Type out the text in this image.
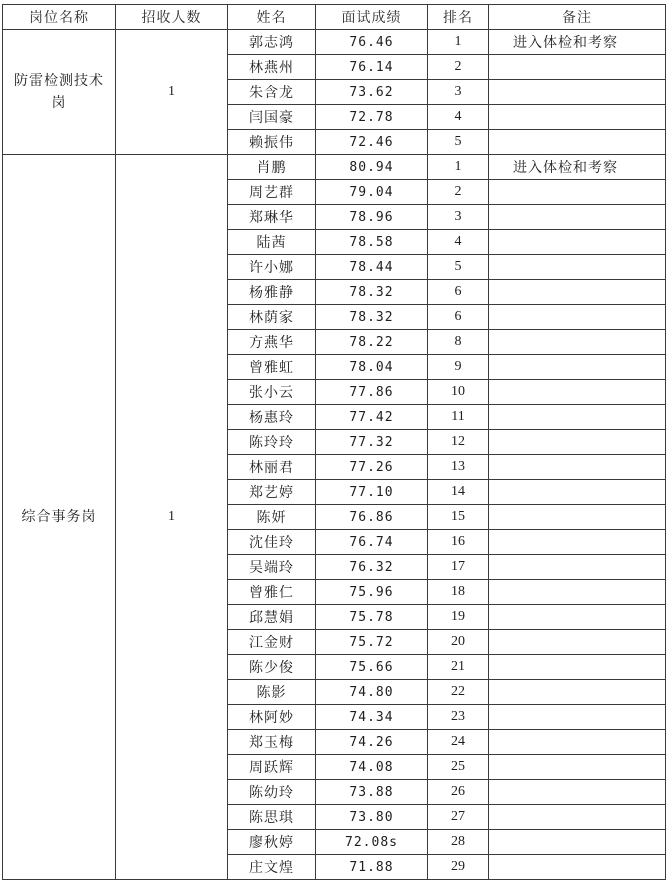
岗位名称	招收人数	姓名	面试成绩	排名	备注
防雷检测技术岗	1	郭志鸿	76.46	1	进入体检和考察
		林燕州	76.14	2	
		朱含龙	73.62	3	
		闫国豪	72.78	4	
		赖振伟	72.46	5	
综合事务岗	1	肖鹏	80.94	1	进入体检和考察
		周艺群	79.04	2	
		郑琳华	78.96	3	
		陆茜	78.58	4	
		许小娜	78.44	5	
		杨雅静	78.32	6	
		林荫家	78.32	6	
		方燕华	78.22	8	
		曾雅虹	78.04	9	
		张小云	77.86	10	
		杨惠玲	77.42	11	
		陈玲玲	77.32	12	
		林丽君	77.26	13	
		郑艺婷	77.10	14	
		陈妍	76.86	15	
		沈佳玲	76.74	16	
		吴端玲	76.32	17	
		曾雅仁	75.96	18	
		邱慧娟	75.78	19	
		江金财	75.72	20	
		陈少俊	75.66	21	
		陈影	74.80	22	
		林阿妙	74.34	23	
		郑玉梅	74.26	24	
		周跃辉	74.08	25	
		陈幼玲	73.88	26	
		陈思琪	73.80	27	
		廖秋婷	72.08s	28	
		庄文煌	71.88	29	
